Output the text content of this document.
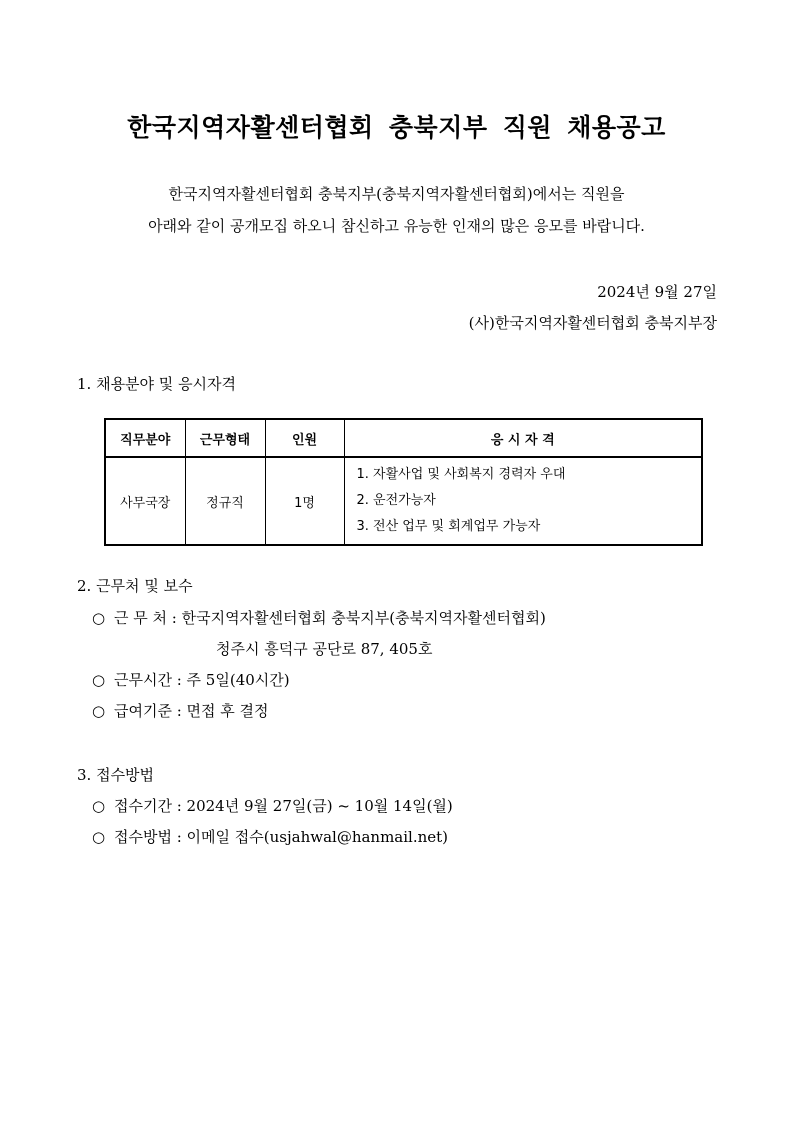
한국지역자활센터협회 충북지부 직원 채용공고
한국지역자활센터협회 충북지부(충북지역자활센터협회)에서는 직원을
아래와 같이 공개모집 하오니 참신하고 유능한 인재의 많은 응모를 바랍니다.
2024년 9월 27일
(사)한국지역자활센터협회 충북지부장
1. 채용분야 및 응시자격
직무분야	근무형태	인원	응 시 자 격
사무국장	정규직	1명	1. 자활사업 및 사회복지 경력자 우대
2. 운전가능자
3. 전산 업무 및 회계업무 가능자
2. 근무처 및 보수
○ 근 무 처 : 한국지역자활센터협회 충북지부(충북지역자활센터협회)
청주시 흥덕구 공단로 87, 405호
○ 근무시간 : 주 5일(40시간)
○ 급여기준 : 면접 후 결정
3. 접수방법
○ 접수기간 : 2024년 9월 27일(금) ~ 10월 14일(월)
○ 접수방법 : 이메일 접수(usjahwal@hanmail.net)
